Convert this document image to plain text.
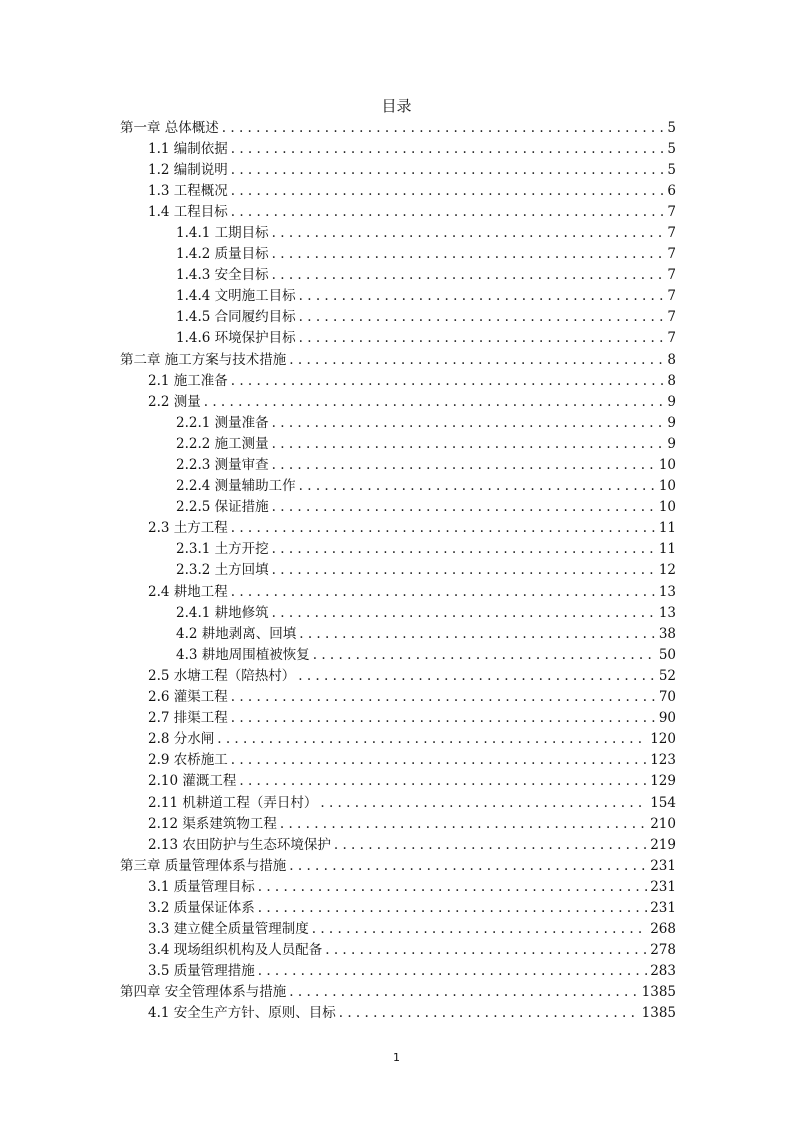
目录
第一章 总体概述 . . .	5
1.1 编制依据 . . .	5
1.2 编制说明 . . .	5
1.3 工程概况 . . .	6
1.4 工程目标 . . .	7
1.4.1 工期目标 . . .	7
1.4.2 质量目标 . . .	7
1.4.3 安全目标 . . .	7
1.4.4 文明施工目标 . . .	7
1.4.5 合同履约目标 . . .	7
1.4.6 环境保护目标 . . .	7
第二章 施工方案与技术措施 . . .	8
2.1 施工准备 . . .	8
2.2 测量 . . .	9
2.2.1 测量准备 . . .	9
2.2.2 施工测量 . . .	9
2.2.3 测量审查 . . .	10
2.2.4 测量辅助工作 . . .	10
2.2.5 保证措施 . . .	10
2.3 土方工程 . . .	11
2.3.1 土方开挖 . . .	11
2.3.2 土方回填 . . .	12
2.4 耕地工程 . . .	13
2.4.1 耕地修筑 . . .	13
4.2 耕地剥离、回填 . . .	38
4.3 耕地周围植被恢复 . . .	50
2.5 水塘工程（陪热村） . . .	52
2.6 灌渠工程 . . .	70
2.7 排渠工程 . . .	90
2.8 分水闸 . . .	120
2.9 农桥施工 . . .	123
2.10 灌溉工程 . . .	129
2.11 机耕道工程（弄日村） . . .	154
2.12 渠系建筑物工程 . . .	210
2.13 农田防护与生态环境保护 . . .	219
第三章 质量管理体系与措施 . . .	231
3.1 质量管理目标 . . .	231
3.2 质量保证体系 . . .	231
3.3 建立健全质量管理制度 . . .	268
3.4 现场组织机构及人员配备 . . .	278
3.5 质量管理措施 . . .	283
第四章 安全管理体系与措施 . . .	1385
4.1 安全生产方针、原则、目标 . . .	1385
1
